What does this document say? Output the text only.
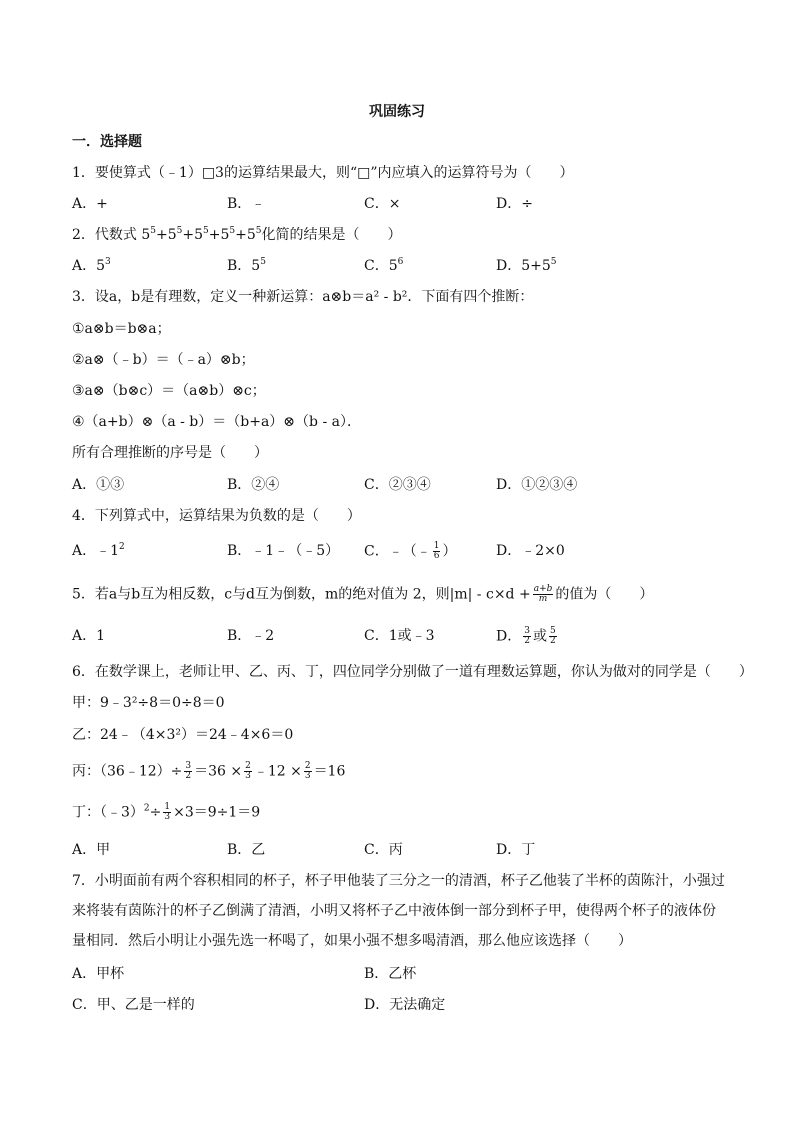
巩固练习
一．选择题
1．要使算式（﹣1）□3的运算结果最大，则“□”内应填入的运算符号为（　　）
A．+	B．﹣	C．×	D．÷
2．代数式 $5^5+5^5+5^5+5^5+5^5$化简的结果是（　　）
A．$5^3$	B．$5^5$	C．$5^6$	D．$5+5^5$
3．设a，b是有理数，定义一种新运算：a⊗b＝a² - b²．下面有四个推断：
①a⊗b＝b⊗a；
②a⊗（﹣b）＝（﹣a）⊗b；
③a⊗（b⊗c）＝（a⊗b）⊗c；
④（a+b）⊗（a - b）＝（b+a）⊗（b - a）．
所有合理推断的序号是（　　）
A．①③	B．②④	C．②③④	D．①②③④
4．下列算式中，运算结果为负数的是（　　）
A．$﹣1^2$	B．﹣1﹣（﹣5） C．﹣（﹣ $\frac{1}{6}$ ）	D．﹣2×0
5．若a与b互为相反数，c与d互为倒数，m的绝对值为 2，则$|m| - c\times d + \frac{a+b}{m}$ 的值为（　　）
A．1	B．﹣2	C．1或﹣3	D． $\frac{3}{2}$ 或 $\frac{5}{2}$
6．在数学课上，老师让甲、乙、丙、丁，四位同学分别做了一道有理数运算题，你认为做对的同学是（　　）
甲：9﹣3²÷8＝0÷8＝0
乙：24﹣（4×3²）＝24﹣4×6＝0
丙：（36﹣12）÷ $\frac{3}{2} =36 \times \frac{2}{3}$ ﹣12 × $\frac{2}{3} =16$
丁：（﹣3）$^2$÷ $\frac{1}{3} \times 3=9\div 1=9$
A．甲	B．乙	C．丙	D．丁
7．小明面前有两个容积相同的杯子，杯子甲他装了三分之一的清酒，杯子乙他装了半杯的茵陈汁，小强过来将装有茵陈汁的杯子乙倒满了清酒，小明又将杯子乙中液体倒一部分到杯子甲，使得两个杯子的液体份量相同．然后小明让小强先选一杯喝了，如果小强不想多喝清酒，那么他应该选择（　　）
A．甲杯	B．乙杯
C．甲、乙是一样的	D．无法确定
